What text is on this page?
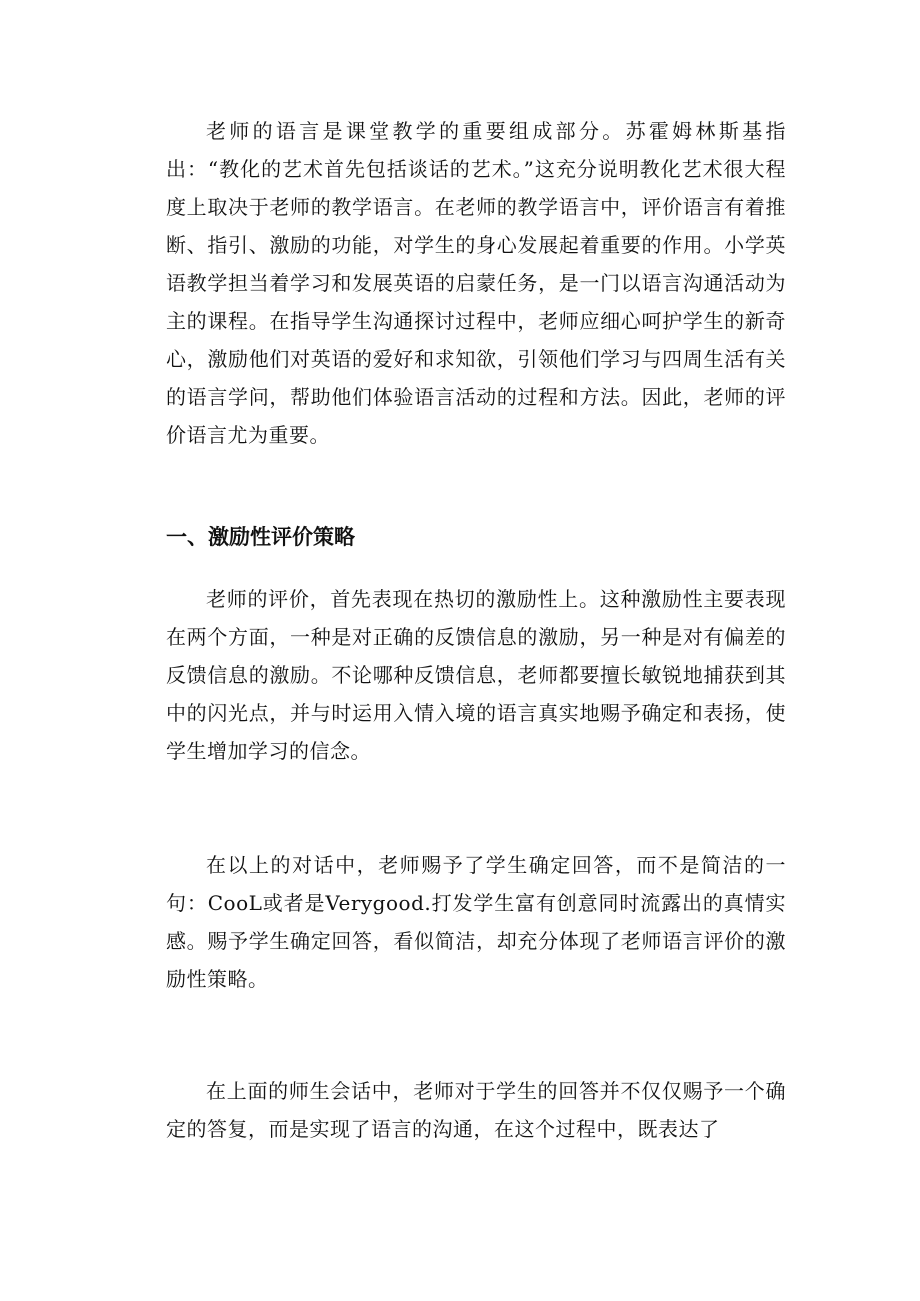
老师的语言是课堂教学的重要组成部分。苏霍姆林斯基指出：“教化的艺术首先包括谈话的艺术。”这充分说明教化艺术很大程度上取决于老师的教学语言。在老师的教学语言中，评价语言有着推断、指引、激励的功能，对学生的身心发展起着重要的作用。小学英语教学担当着学习和发展英语的启蒙任务，是一门以语言沟通活动为主的课程。在指导学生沟通探讨过程中，老师应细心呵护学生的新奇心，激励他们对英语的爱好和求知欲，引领他们学习与四周生活有关的语言学问，帮助他们体验语言活动的过程和方法。因此，老师的评价语言尤为重要。

一、激励性评价策略

老师的评价，首先表现在热切的激励性上。这种激励性主要表现在两个方面，一种是对正确的反馈信息的激励，另一种是对有偏差的反馈信息的激励。不论哪种反馈信息，老师都要擅长敏锐地捕获到其中的闪光点，并与时运用入情入境的语言真实地赐予确定和表扬，使学生增加学习的信念。

在以上的对话中，老师赐予了学生确定回答，而不是简洁的一句：CooL或者是Verygood.打发学生富有创意同时流露出的真情实感。赐予学生确定回答，看似简洁，却充分体现了老师语言评价的激励性策略。

在上面的师生会话中，老师对于学生的回答并不仅仅赐予一个确定的答复，而是实现了语言的沟通，在这个过程中，既表达了
